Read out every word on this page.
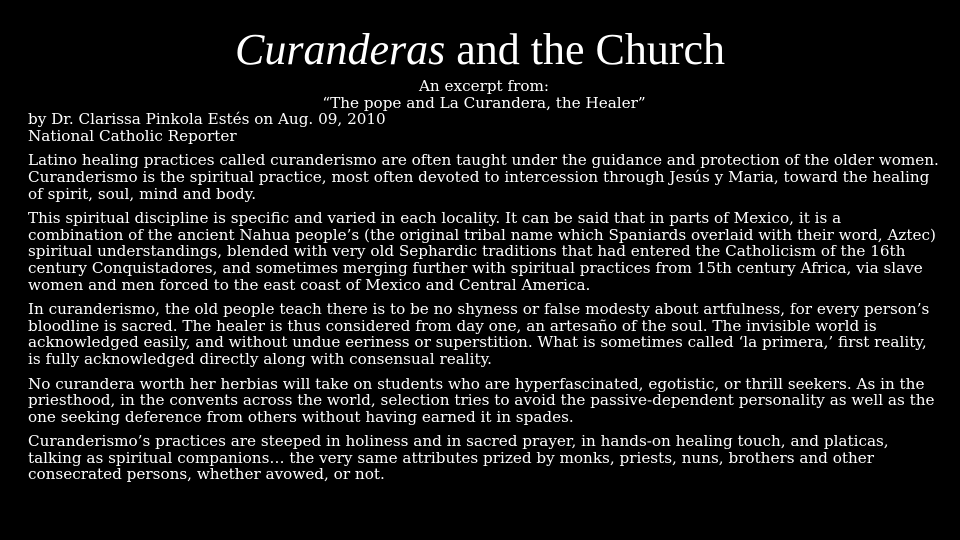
Curanderas and the Church
An excerpt from:
“The pope and La Curandera, the Healer”
by Dr. Clarissa Pinkola Estés on Aug. 09, 2010
National Catholic Reporter

Latino healing practices called curanderismo are often taught under the guidance and protection of the older women. Curanderismo is the spiritual practice, most often devoted to intercession through Jesús y Maria, toward the healing of spirit, soul, mind and body.

This spiritual discipline is specific and varied in each locality. It can be said that in parts of Mexico, it is a combination of the ancient Nahua people’s (the original tribal name which Spaniards overlaid with their word, Aztec) spiritual understandings, blended with very old Sephardic traditions that had entered the Catholicism of the 16th century Conquistadores, and sometimes merging further with spiritual practices from 15th century Africa, via slave women and men forced to the east coast of Mexico and Central America.

In curanderismo, the old people teach there is to be no shyness or false modesty about artfulness, for every person’s bloodline is sacred. The healer is thus considered from day one, an artesaño of the soul. The invisible world is acknowledged easily, and without undue eeriness or superstition. What is sometimes called ‘la primera,’ first reality, is fully acknowledged directly along with consensual reality.

No curandera worth her herbias will take on students who are hyperfascinated, egotistic, or thrill seekers. As in the priesthood, in the convents across the world, selection tries to avoid the passive-dependent personality as well as the one seeking deference from others without having earned it in spades.

Curanderismo’s practices are steeped in holiness and in sacred prayer, in hands-on healing touch, and platicas, talking as spiritual companions… the very same attributes prized by monks, priests, nuns, brothers and other consecrated persons, whether avowed, or not.
